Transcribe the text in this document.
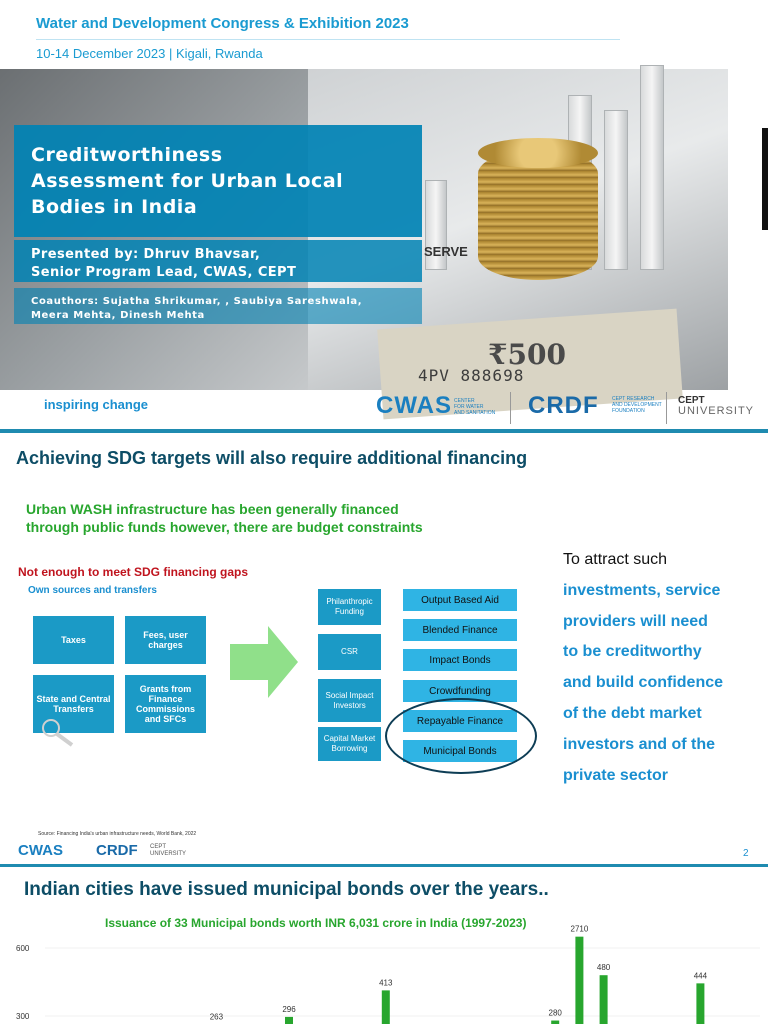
Water and Development Congress & Exhibition 2023
10-14 December 2023 | Kigali, Rwanda
SERVE
₹500
4PV 888698
Creditworthiness
Assessment for Urban Local
Bodies in India
Presented by: Dhruv Bhavsar,
Senior Program Lead, CWAS, CEPT
Coauthors: Sujatha Shrikumar, , Saubiya Sareshwala,
Meera Mehta, Dinesh Mehta
inspiring change	CWAS CENTER
FOR WATER
AND SANITATION CRDF	CEPT RESEARCH
AND DEVELOPMENT
FOUNDATION
CEPT
UNIVERSITY
Achieving SDG targets will also require additional financing
Urban WASH infrastructure has been generally financed
through public funds however, there are budget constraints
Not enough to meet SDG financing gaps
Own sources and transfers
Taxes	Fees, user charges
State and Central Transfers
Grants from Finance Commissions and SFCs
Philanthropic Funding
CSR
Social Impact Investors
Capital Market Borrowing
Output Based Aid
Blended Finance
Impact Bonds
Crowdfunding
Repayable Finance
Municipal Bonds
To attract such
investments, service
providers will need
to be creditworthy
and build confidence
of the debt market
investors and of the
private sector
Source: Financing India's urban infrastructure needs, World Bank, 2022
CWAS CRDF CEPT
UNIVERSITY	2
Indian cities have issued municipal bonds over the years..
Issuance of 33 Municipal bonds worth INR 6,031 crore in India (1997-2023)
600
300	263
296
413
280
2710
480
444
